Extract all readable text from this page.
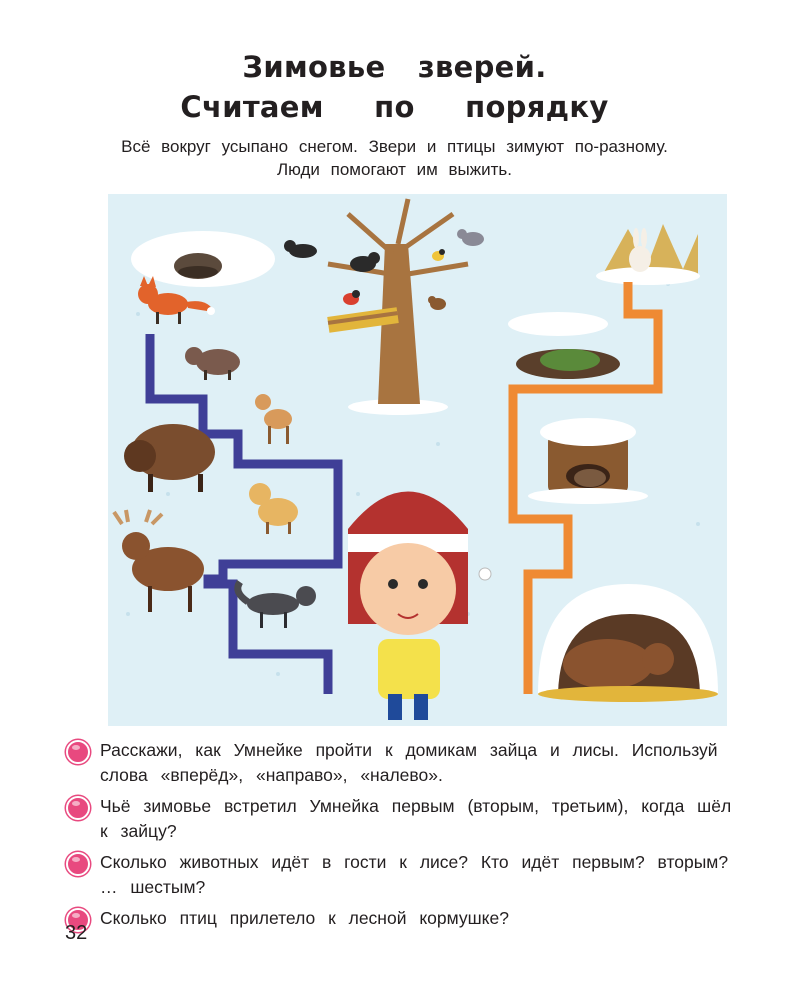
Зимовье зверей.
Считаем по порядку
Всё вокруг усыпано снегом. Звери и птицы зимуют по-разному.
Люди помогают им выжить.
Расскажи, как Умнейке пройти к домикам зайца и лисы. Используй слова «вперёд», «направо», «налево».
Чьё зимовье встретил Умнейка первым (вторым, третьим), когда шёл к зайцу?
Сколько животных идёт в гости к лисе? Кто идёт первым? вторым? … шестым?
Сколько птиц прилетело к лесной кормушке?
32
